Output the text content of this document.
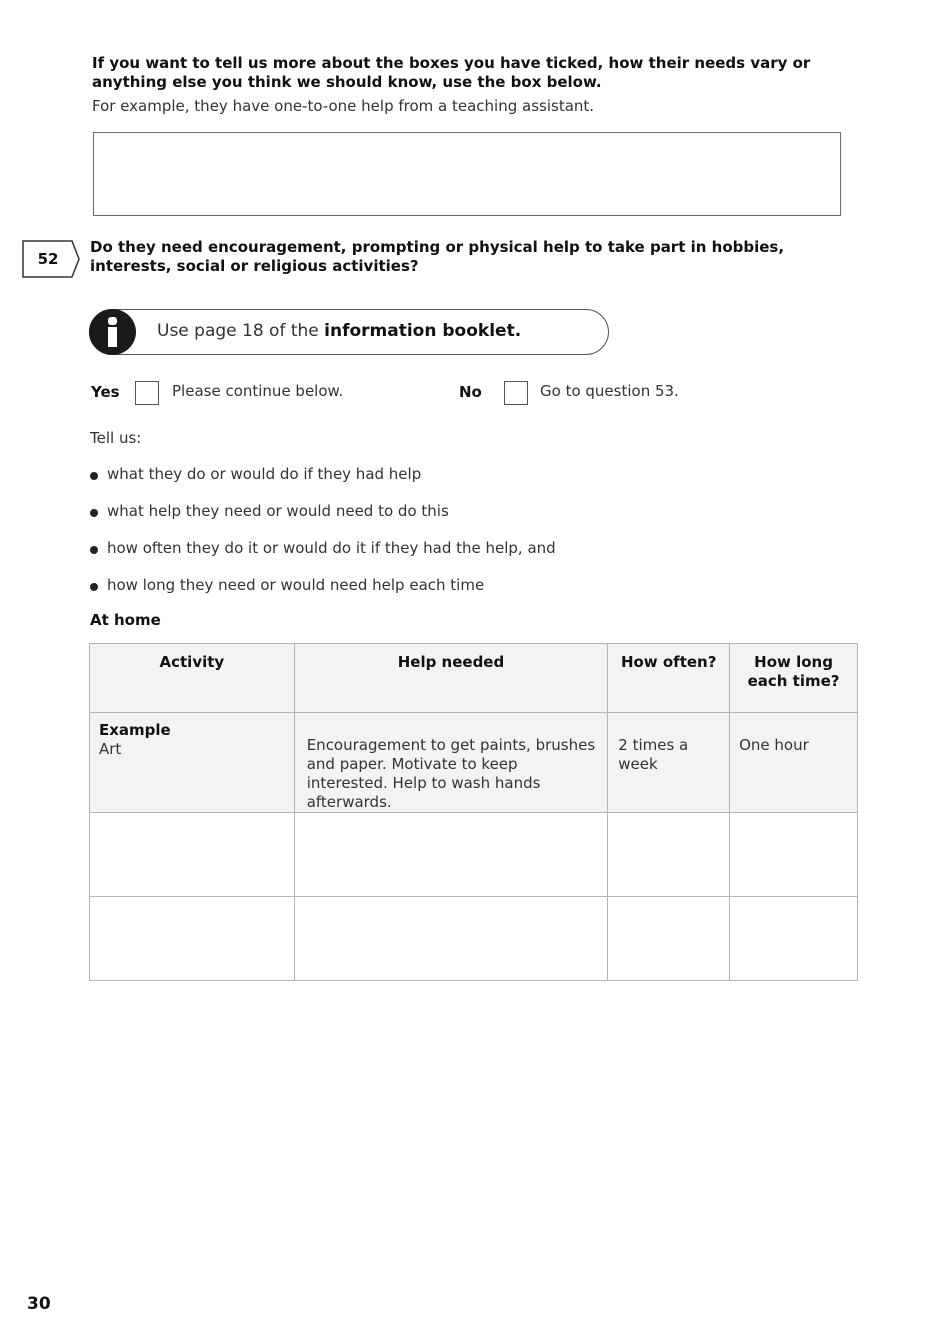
If you want to tell us more about the boxes you have ticked, how their needs vary or anything else you think we should know, use the box below.
For example, they have one-to-one help from a teaching assistant.
52
Do they need encouragement, prompting or physical help to take part in hobbies, interests, social or religious activities?
Use page 18 of the information booklet.
Yes	Please continue below.	No	Go to question 53.
Tell us:
what they do or would do if they had help
what help they need or would need to do this
how often they do it or would do it if they had the help, and
how long they need or would need help each time
At home
Activity	Help needed	How often?	How long each time?

Example
Art	Encouragement to get paints, brushes and paper. Motivate to keep interested. Help to wash hands afterwards.	2 times a week	One hour

30
